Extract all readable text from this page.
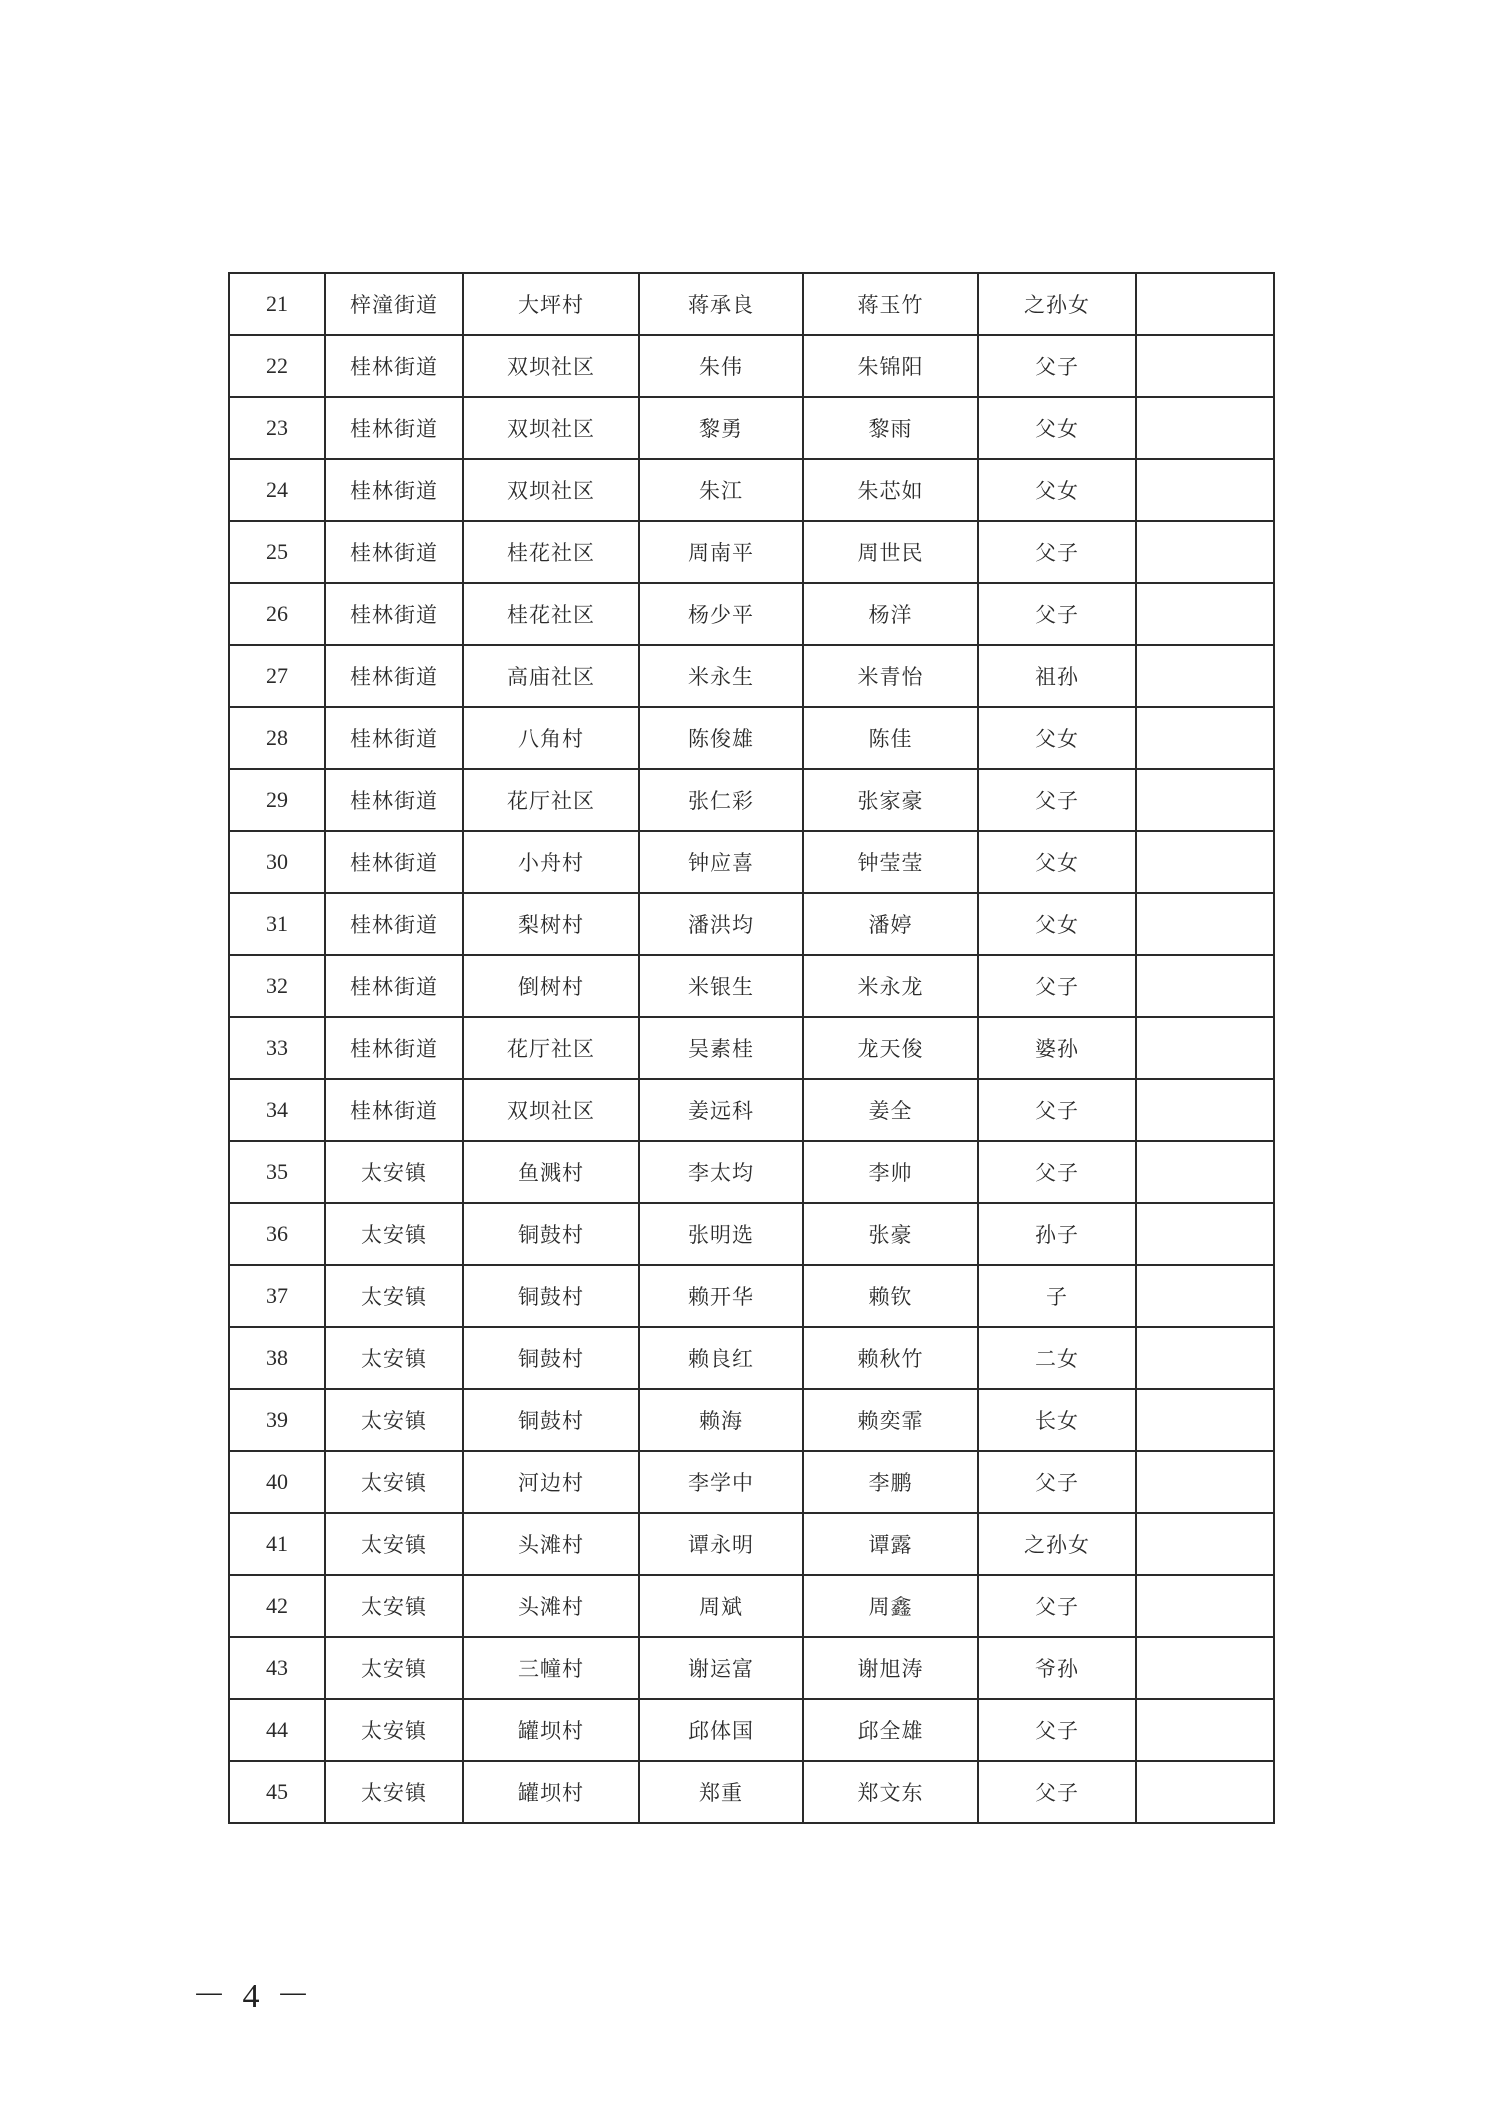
21	梓潼街道	大坪村	蒋承良	蒋玉竹	之孙女	
22	桂林街道	双坝社区	朱伟	朱锦阳	父子	
23	桂林街道	双坝社区	黎勇	黎雨	父女	
24	桂林街道	双坝社区	朱江	朱芯如	父女	
25	桂林街道	桂花社区	周南平	周世民	父子	
26	桂林街道	桂花社区	杨少平	杨洋	父子	
27	桂林街道	高庙社区	米永生	米青怡	祖孙	
28	桂林街道	八角村	陈俊雄	陈佳	父女	
29	桂林街道	花厅社区	张仁彩	张家豪	父子	
30	桂林街道	小舟村	钟应喜	钟莹莹	父女	
31	桂林街道	梨树村	潘洪均	潘婷	父女	
32	桂林街道	倒树村	米银生	米永龙	父子	
33	桂林街道	花厅社区	吴素桂	龙天俊	婆孙	
34	桂林街道	双坝社区	姜远科	姜全	父子	
35	太安镇	鱼溅村	李太均	李帅	父子	
36	太安镇	铜鼓村	张明选	张豪	孙子	
37	太安镇	铜鼓村	赖开华	赖钦	子	
38	太安镇	铜鼓村	赖良红	赖秋竹	二女	
39	太安镇	铜鼓村	赖海	赖奕霏	长女	
40	太安镇	河边村	李学中	李鹏	父子	
41	太安镇	头滩村	谭永明	谭露	之孙女	
42	太安镇	头滩村	周斌	周鑫	父子	
43	太安镇	三幢村	谢运富	谢旭涛	爷孙	
44	太安镇	罐坝村	邱体国	邱全雄	父子	
45	太安镇	罐坝村	郑重	郑文东	父子	
－ 4 －
